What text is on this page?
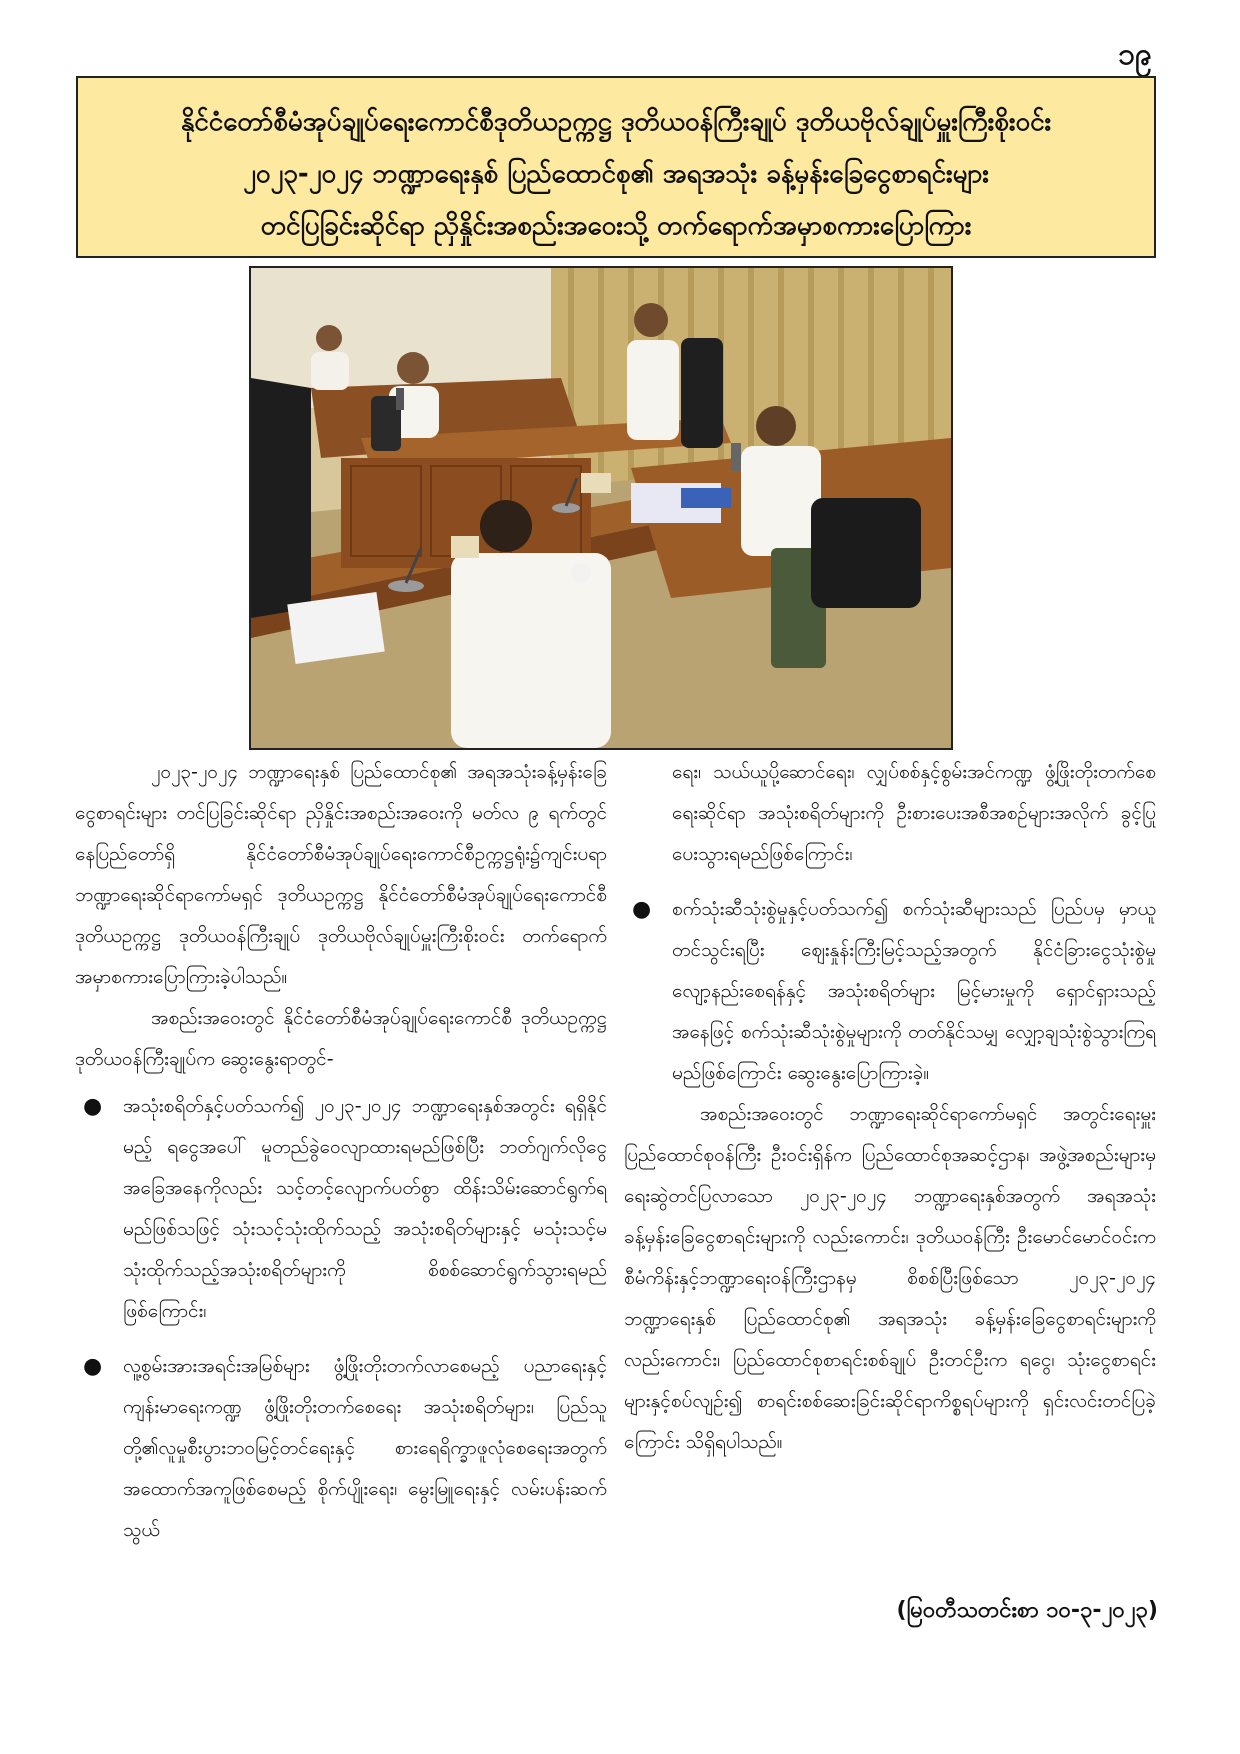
၁၉
နိုင်ငံတော်စီမံအုပ်ချုပ်ရေးကောင်စီဒုတိယဥက္ကဋ္ဌ ဒုတိယဝန်ကြီးချုပ် ဒုတိယဗိုလ်ချုပ်မှူးကြီးစိုးဝင်း
၂၀၂၃-၂၀၂၄ ဘဏ္ဍာရေးနှစ် ပြည်ထောင်စု၏ အရအသုံး ခန့်မှန်းခြေငွေစာရင်းများ
တင်ပြခြင်းဆိုင်ရာ ညှိနှိုင်းအစည်းအဝေးသို့ တက်ရောက်အမှာစကားပြောကြား

၂၀၂၃-၂၀၂၄ ဘဏ္ဍာရေးနှစ် ပြည်ထောင်စု၏ အရအသုံးခန့်မှန်းခြေ ငွေစာရင်းများ တင်ပြခြင်းဆိုင်ရာ ညှိနှိုင်းအစည်းအဝေးကို မတ်လ ၉ ရက်တွင် နေပြည်တော်ရှိ နိုင်ငံတော်စီမံအုပ်ချုပ်ရေးကောင်စီဥက္ကဋ္ဌရုံး၌ကျင်းပရာ ဘဏ္ဍာရေးဆိုင်ရာကော်မရှင် ဒုတိယဥက္ကဋ္ဌ နိုင်ငံတော်စီမံအုပ်ချုပ်ရေးကောင်စီဒုတိယဥက္ကဋ္ဌ ဒုတိယဝန်ကြီးချုပ် ဒုတိယဗိုလ်ချုပ်မှူးကြီးစိုးဝင်း တက်ရောက်အမှာစကားပြောကြားခဲ့ပါသည်။

အစည်းအဝေးတွင် နိုင်ငံတော်စီမံအုပ်ချုပ်ရေးကောင်စီ ဒုတိယဥက္ကဋ္ဌ ဒုတိယဝန်ကြီးချုပ်က ဆွေးနွေးရာတွင်-

● အသုံးစရိတ်နှင့်ပတ်သက်၍ ၂၀၂၃-၂၀၂၄ ဘဏ္ဍာရေးနှစ်အတွင်း ရရှိနိုင်မည့် ရငွေအပေါ် မူတည်ခွဲဝေလျာထားရမည်ဖြစ်ပြီး ဘတ်ဂျက်လိုငွေ အခြေအနေကိုလည်း သင့်တင့်လျောက်ပတ်စွာ ထိန်းသိမ်းဆောင်ရွက်ရမည်ဖြစ်သဖြင့် သုံးသင့်သုံးထိုက်သည့် အသုံးစရိတ်များနှင့် မသုံးသင့်မသုံးထိုက်သည့်အသုံးစရိတ်များကို စိစစ်ဆောင်ရွက်သွားရမည်ဖြစ်ကြောင်း၊

● လူ့စွမ်းအားအရင်းအမြစ်များ ဖွံ့ဖြိုးတိုးတက်လာစေမည့် ပညာရေးနှင့် ကျန်းမာရေးကဏ္ဍ ဖွံ့ဖြိုးတိုးတက်စေရေး အသုံးစရိတ်များ၊ ပြည်သူတို့၏လူမှုစီးပွားဘဝမြင့်တင်ရေးနှင့် စားရေရိက္ခာဖူလုံစေရေးအတွက် အထောက်အကူဖြစ်စေမည့် စိုက်ပျိုးရေး၊ မွေးမြူရေးနှင့် လမ်းပန်းဆက်သွယ်

ရေး၊ သယ်ယူပို့ဆောင်ရေး၊ လျှပ်စစ်နှင့်စွမ်းအင်ကဏ္ဍ ဖွံ့ဖြိုးတိုးတက်စေရေးဆိုင်ရာ အသုံးစရိတ်များကို ဦးစားပေးအစီအစဉ်များအလိုက် ခွင့်ပြုပေးသွားရမည်ဖြစ်ကြောင်း၊

● စက်သုံးဆီသုံးစွဲမှုနှင့်ပတ်သက်၍ စက်သုံးဆီများသည် ပြည်ပမှ မှာယူတင်သွင်းရပြီး ဈေးနှုန်းကြီးမြင့်သည့်အတွက် နိုင်ငံခြားငွေသုံးစွဲမှုလျော့နည်းစေရန်နှင့် အသုံးစရိတ်များ မြင့်မားမှုကို ရှောင်ရှားသည့်အနေဖြင့် စက်သုံးဆီသုံးစွဲမှုများကို တတ်နိုင်သမျှ လျှော့ချသုံးစွဲသွားကြရမည်ဖြစ်ကြောင်း ဆွေးနွေးပြောကြားခဲ့။

အစည်းအဝေးတွင် ဘဏ္ဍာရေးဆိုင်ရာကော်မရှင် အတွင်းရေးမှူး ပြည်ထောင်စုဝန်ကြီး ဦးဝင်းရှိန်က ပြည်ထောင်စုအဆင့်ဌာန၊ အဖွဲ့အစည်းများမှ ရေးဆွဲတင်ပြလာသော ၂၀၂၃-၂၀၂၄ ဘဏ္ဍာရေးနှစ်အတွက် အရအသုံး ခန့်မှန်းခြေငွေစာရင်းများကို လည်းကောင်း၊ ဒုတိယဝန်ကြီး ဦးမောင်မောင်ဝင်းက စီမံကိန်းနှင့်ဘဏ္ဍာရေးဝန်ကြီးဌာနမှ စိစစ်ပြီးဖြစ်သော ၂၀၂၃-၂၀၂၄ ဘဏ္ဍာရေးနှစ် ပြည်ထောင်စု၏ အရအသုံး ခန့်မှန်းခြေငွေစာရင်းများကိုလည်းကောင်း၊ ပြည်ထောင်စုစာရင်းစစ်ချုပ် ဦးတင်ဦးက ရငွေ၊ သုံးငွေစာရင်းများနှင့်စပ်လျဉ်း၍ စာရင်းစစ်ဆေးခြင်းဆိုင်ရာကိစ္စရပ်များကို ရှင်းလင်းတင်ပြခဲ့ကြောင်း သိရှိရပါသည်။

(မြဝတီသတင်းစာ ၁၀-၃-၂၀၂၃)
